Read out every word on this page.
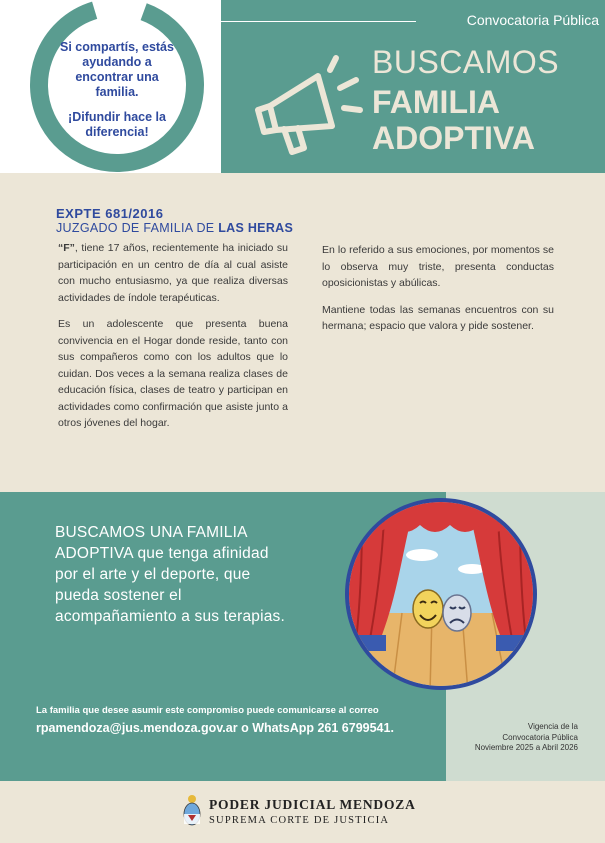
Si compartís, estás ayudando a encontrar una familia.

¡Difundir hace la diferencia!

Convocatoria Pública
BUSCAMOS
FAMILIA
ADOPTIVA
EXPTE 681/2016
JUZGADO DE FAMILIA DE LAS HERAS

“F”, tiene 17 años, recientemente ha iniciado su participación en un centro de día al cual asiste con mucho entusiasmo, ya que realiza diversas actividades de índole terapéuticas.

Es un adolescente que presenta buena convivencia en el Hogar donde reside, tanto con sus compañeros como con los adultos que lo cuidan. Dos veces a la semana realiza clases de educación física, clases de teatro y participan en actividades como confirmación que asiste junto a otros jóvenes del hogar.

En lo referido a sus emociones, por momentos se lo observa muy triste, presenta conductas oposicionistas y abúlicas.

Mantiene todas las semanas encuentros con su hermana; espacio que valora y pide sostener.

BUSCAMOS UNA FAMILIA ADOPTIVA que tenga afinidad por el arte y el deporte, que pueda sostener el acompañamiento a sus terapias.
La familia que desee asumir este compromiso puede comunicarse al correo
rpamendoza@jus.mendoza.gov.ar o WhatsApp 261 6799541.	Vigencia de la
Convocatoria Pública
Noviembre 2025 a Abril 2026
PODER JUDICIAL MENDOZA
SUPREMA CORTE DE JUSTICIA
